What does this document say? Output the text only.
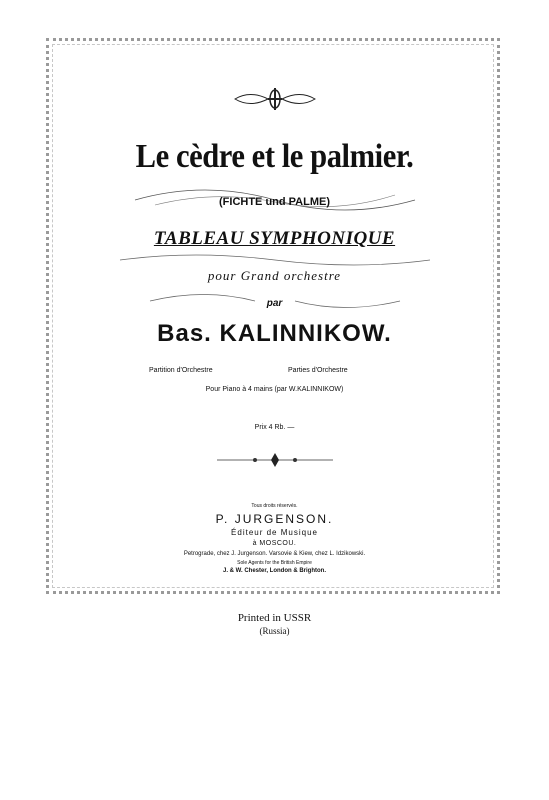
Le cèdre et le palmier.
(FICHTE und PALME)
TABLEAU SYMPHONIQUE
pour Grand orchestre
par
Bas. KALINNIKOW.
Partition d'Orchestre	Parties d'Orchestre
Pour Piano à 4 mains (par W.KALINNIKOW)
Prix 4 Rb. —
Tous droits réservés.
P. JURGENSON.
Éditeur de Musique
à MOSCOU.
Petrograde, chez J. Jurgenson. Varsovie & Kiew, chez L. Idzikowski.
Sole Agents for the British Empire
J. & W. Chester, London & Brighton.
Printed in USSR
(Russia)
